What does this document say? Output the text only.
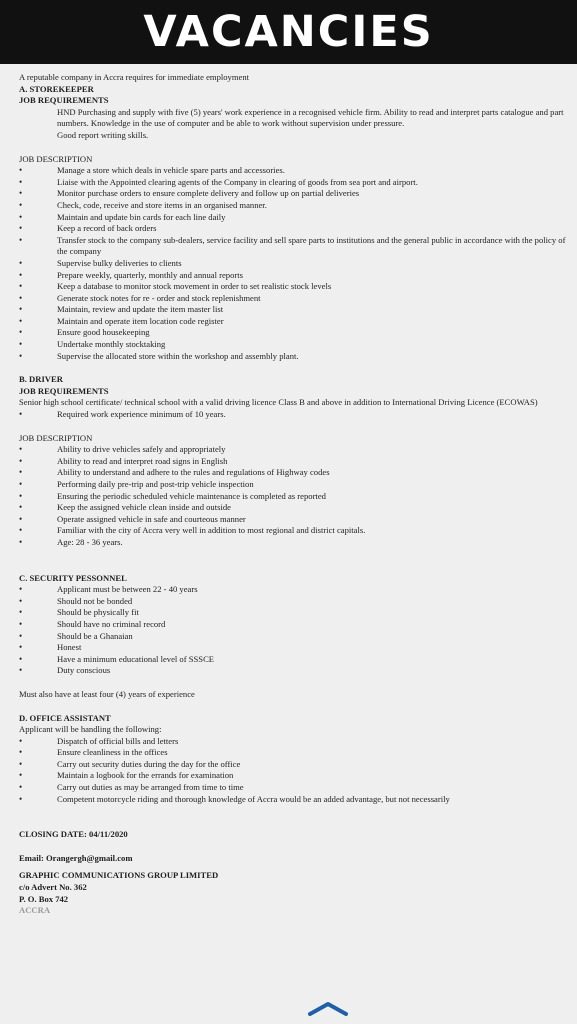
VACANCIES

A reputable company in Accra requires for immediate employment

A. STOREKEEPER

JOB REQUIREMENTS

HND Purchasing and supply with five (5) years' work experience in a recognised vehicle firm. Ability to read and interpret parts catalogue and part numbers. Knowledge in the use of computer and be able to work without supervision under pressure.

Good report writing skills.

JOB DESCRIPTION

• Manage a store which deals in vehicle spare parts and accessories.
• Liaise with the Appointed clearing agents of the Company in clearing of goods from sea port and airport.
• Monitor purchase orders to ensure complete delivery and follow up on partial deliveries
• Check, code, receive and store items in an organised manner.
• Maintain and update bin cards for each line daily
• Keep a record of back orders
• Transfer stock to the company sub-dealers, service facility and sell spare parts to institutions and the general public in accordance with the policy of the company
• Supervise bulky deliveries to clients
• Prepare weekly, quarterly, monthly and annual reports
• Keep a database to monitor stock movement in order to set realistic stock levels
• Generate stock notes for re - order and stock replenishment
• Maintain, review and update the item master list
• Maintain and operate item location code register
• Ensure good housekeeping
• Undertake monthly stocktaking
• Supervise the allocated store within the workshop and assembly plant.

B. DRIVER

JOB REQUIREMENTS

Senior high school certificate/ technical school with a valid driving licence Class B and above in addition to International Driving Licence (ECOWAS)

• Required work experience minimum of 10 years.

JOB DESCRIPTION

• Ability to drive vehicles safely and appropriately
• Ability to read and interpret road signs in English
• Ability to understand and adhere to the rules and regulations of Highway codes
• Performing daily pre-trip and post-trip vehicle inspection
• Ensuring the periodic scheduled vehicle maintenance is completed as reported
• Keep the assigned vehicle clean inside and outside
• Operate assigned vehicle in safe and courteous manner
• Familiar with the city of Accra very well in addition to most regional and district capitals.
• Age: 28 - 36 years.

C. SECURITY PESSONNEL

• Applicant must be between 22 - 40 years
• Should not be bonded
• Should be physically fit
• Should have no criminal record
• Should be a Ghanaian
• Honest
• Have a minimum educational level of SSSCE
• Duty conscious

Must also have at least four (4) years of experience

D. OFFICE ASSISTANT

Applicant will be handling the following:

• Dispatch of official bills and letters
• Ensure cleanliness in the offices
• Carry out security duties during the day for the office
• Maintain a logbook for the errands for examination
• Carry out duties as may be arranged from time to time
• Competent motorcycle riding and thorough knowledge of Accra would be an added advantage, but not necessarily

CLOSING DATE: 04/11/2020

Email: Orangergh@gmail.com

GRAPHIC COMMUNICATIONS GROUP LIMITED

c/o Advert No. 362

P. O. Box 742

ACCRA
